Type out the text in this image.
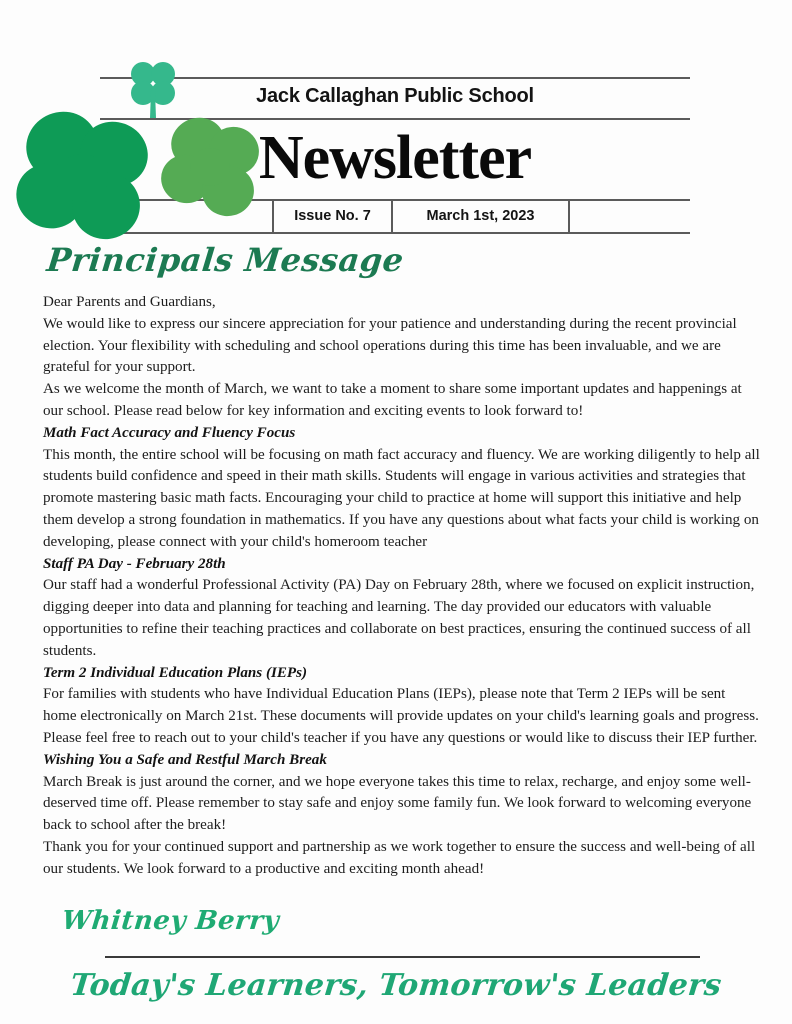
Jack Callaghan Public School
Newsletter
Issue No. 7	March 1st, 2023
Principals Message

Dear Parents and Guardians,

We would like to express our sincere appreciation for your patience and understanding during the recent provincial election. Your flexibility with scheduling and school operations during this time has been invaluable, and we are grateful for your support.

As we welcome the month of March, we want to take a moment to share some important updates and happenings at our school. Please read below for key information and exciting events to look forward to!

Math Fact Accuracy and Fluency Focus

This month, the entire school will be focusing on math fact accuracy and fluency. We are working diligently to help all students build confidence and speed in their math skills. Students will engage in various activities and strategies that promote mastering basic math facts. Encouraging your child to practice at home will support this initiative and help them develop a strong foundation in mathematics. If you have any questions about what facts your child is working on developing, please connect with your child's homeroom teacher

Staff PA Day - February 28th

Our staff had a wonderful Professional Activity (PA) Day on February 28th, where we focused on explicit instruction, digging deeper into data and planning for teaching and learning. The day provided our educators with valuable opportunities to refine their teaching practices and collaborate on best practices, ensuring the continued success of all students.

Term 2 Individual Education Plans (IEPs)

For families with students who have Individual Education Plans (IEPs), please note that Term 2 IEPs will be sent home electronically on March 21st. These documents will provide updates on your child's learning goals and progress. Please feel free to reach out to your child's teacher if you have any questions or would like to discuss their IEP further.

Wishing You a Safe and Restful March Break

March Break is just around the corner, and we hope everyone takes this time to relax, recharge, and enjoy some well-deserved time off. Please remember to stay safe and enjoy some family fun. We look forward to welcoming everyone back to school after the break!

Thank you for your continued support and partnership as we work together to ensure the success and well-being of all our students. We look forward to a productive and exciting month ahead!

Whitney Berry
Today's Learners, Tomorrow's Leaders
